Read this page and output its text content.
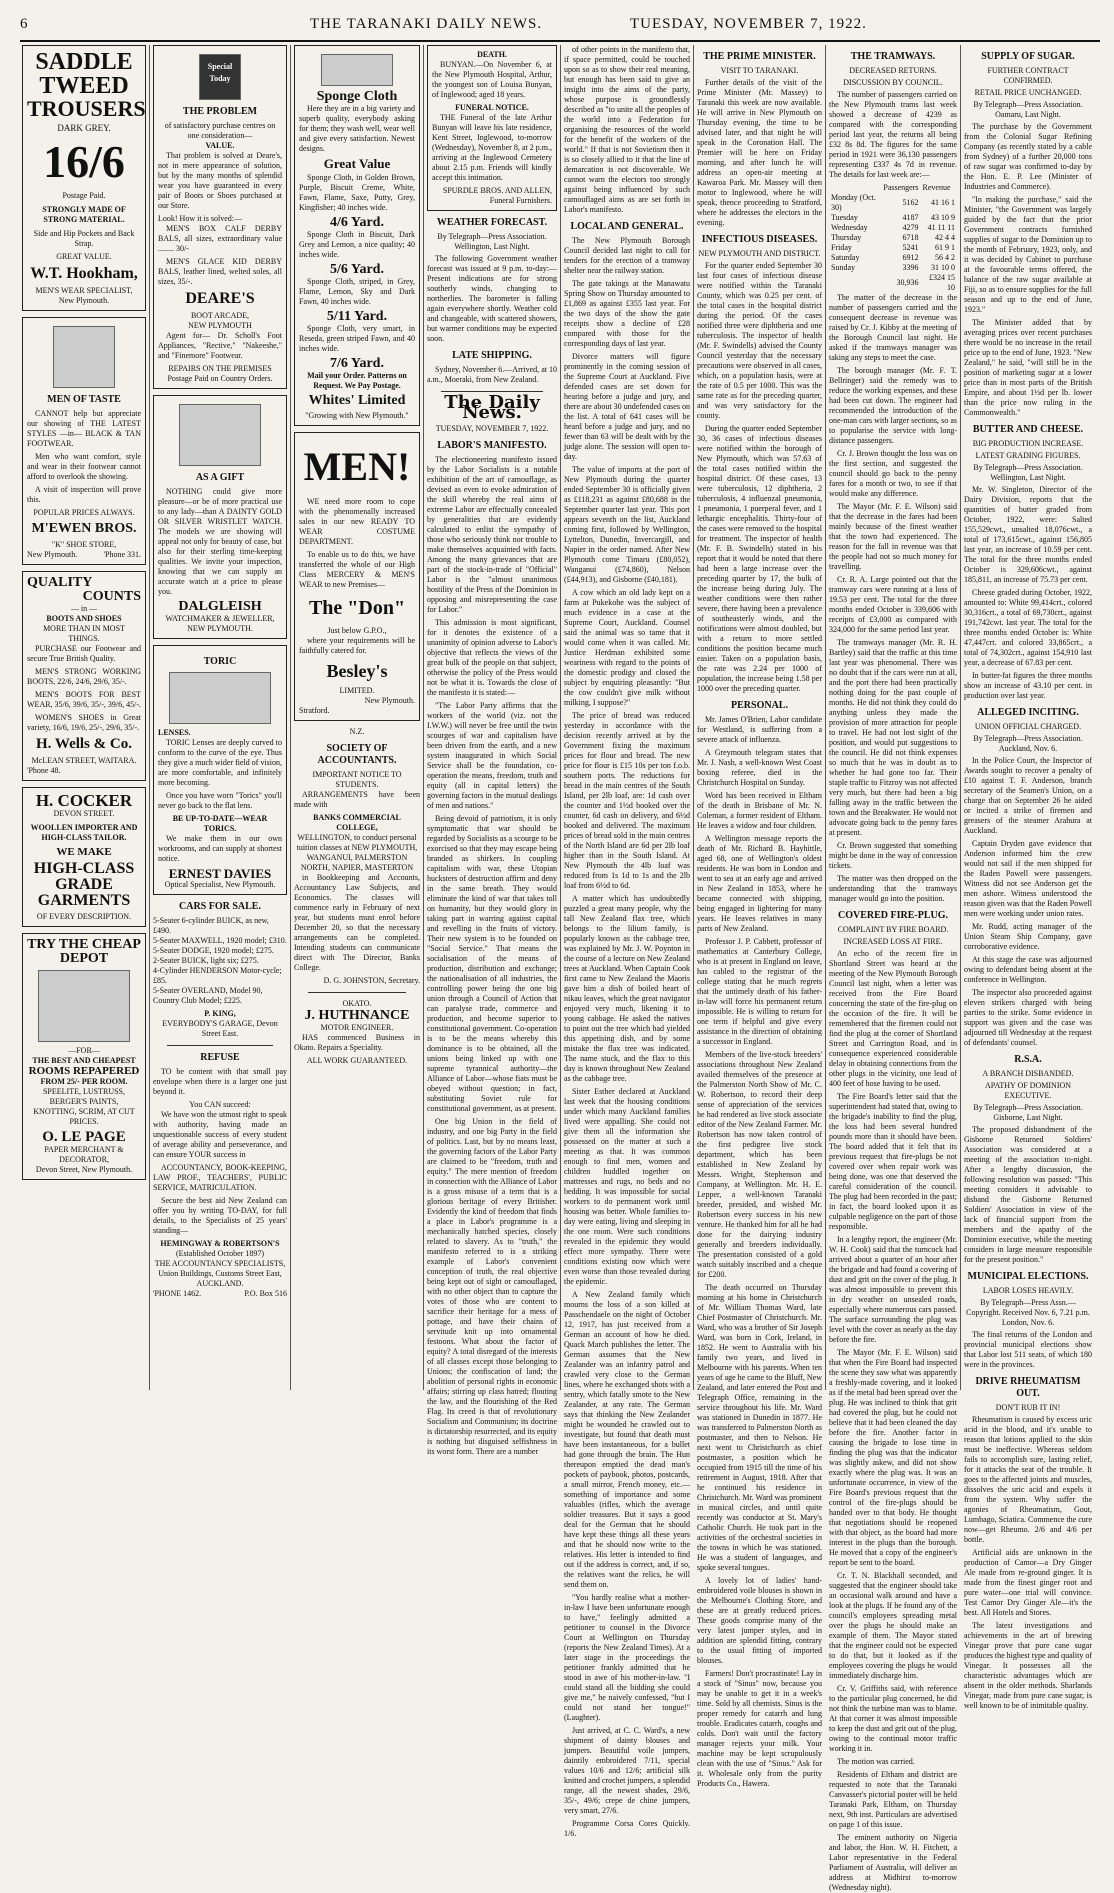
6	THE TARANAKI DAILY NEWS.	TUESDAY, NOVEMBER 7, 1922.
SADDLE
TWEED
TROUSERS
DARK GREY.
16/6
Postage Paid.
STRONGLY MADE OF STRONG MATERIAL.
Side and Hip Pockets and Back Strap.
GREAT VALUE.
W.T. Hookham,
MEN'S WEAR SPECIALIST,
New Plymouth.
MEN OF TASTE

CANNOT help but appreciate our showing of THE LATEST STYLES —in— BLACK & TAN FOOTWEAR.

Men who want comfort, style and wear in their footwear cannot afford to overlook the showing.

A visit of inspection will prove this.

POPULAR PRICES ALWAYS.
M'EWEN BROS.
"K" SHOE STORE,
New Plymouth.	'Phone 331.
QUALITY
COUNTS
— in —
BOOTS AND SHOES
MORE THAN IN MOST THINGS.

PURCHASE our Footwear and secure True British Quality.

MEN'S STRONG WORKING BOOTS, 22/6, 24/6, 29/6, 35/-.

MEN'S BOOTS FOR BEST WEAR, 35/6, 39/6, 35/-, 39/6, 45/-.

WOMEN'S SHOES in Great variety, 16/6, 19/6, 25/-, 29/6, 35/-.

H. Wells & Co.
McLEAN STREET, WAITARA.
'Phone 48.
H. COCKER
DEVON STREET.
WOOLLEN IMPORTER AND HIGH-CLASS TAILOR.
WE MAKE
HIGH-CLASS
GRADE
GARMENTS
OF EVERY DESCRIPTION.
TRY THE CHEAP
DEPOT
—FOR—
THE BEST AND CHEAPEST
ROOMS REPAPERED
FROM 25/- PER ROOM.
SPEELITE, LUSTRUSS, BERGER'S PAINTS, KNOTTING, SCRIM, AT CUT PRICES.
O. LE PAGE
PAPER MERCHANT & DECORATOR,
Devon Street, New Plymouth.
Special Today
THE PROBLEM
of satisfactory purchase centres on one consideration—
VALUE.

That problem is solved at Deare's, not in mere appearance of solution, but by the many months of splendid wear you have guaranteed in every pair of Boots or Shoes purchased at our Store.

Look! How it is solved:—

MEN'S BOX CALF DERBY BALS, all sizes, extraordinary value ........ 30/-

MEN'S GLACE KID DERBY BALS, leather lined, welted soles, all sizes, 35/-.

DEARE'S
BOOT ARCADE,
NEW PLYMOUTH

Agent for— Dr. Scholl's Foot Appliances, "Rective," "Nakeeshe," and "Finemore" Footwear.

REPAIRS ON THE PREMISES
Postage Paid on Country Orders.
AS A GIFT

NOTHING could give more pleasure—or be of more practical use to any lady—than A DAINTY GOLD OR SILVER WRISTLET WATCH. The models we are showing will appeal not only for beauty of case, but also for their sterling time-keeping qualities. We invite your inspection, knowing that we can supply an accurate watch at a price to please you.

DALGLEISH
WATCHMAKER & JEWELLER, NEW PLYMOUTH.
TORIC
LENSES.

TORIC Lenses are deeply curved to conform to the curve of the eye. Thus they give a much wider field of vision, are more comfortable, and infinitely more becoming.

Once you have worn "Torics" you'll never go back to the flat lens.

BE UP-TO-DATE—WEAR TORICS.

We make them in our own workrooms, and can supply at shortest notice.

ERNEST DAVIES
Optical Specialist, New Plymouth.
CARS FOR SALE.
5-Seater 6-cylinder BUICK, as new, £490.
5-Seater MAXWELL, 1920 model; £310.
5-Seater DODGE, 1920 model; £275.
2-Seater BUICK, light six; £275.
4-Cylinder HENDERSON Motor-cycle; £85.
5-Seater OVERLAND, Model 90, Country Club Model; £225.
P. KING,
EVERYBODY'S GARAGE, Devon Street East.
REFUSE

TO be content with that small pay envelope when there is a larger one just beyond it.

You CAN succeed:

We have won the utmost right to speak with authority, having made an unquestionable success of every student of average ability and perseverance, and can ensure YOUR success in

ACCOUNTANCY, BOOK-KEEPING, LAW PROF., TEACHERS', PUBLIC SERVICE, MATRICULATION.

Secure the best aid New Zealand can offer you by writing TO-DAY, for full details, to the Specialists of 25 years' standing—

HEMINGWAY & ROBERTSON'S
(Established October 1897)
THE ACCOUNTANCY SPECIALISTS, Union Buildings, Customs Street East, AUCKLAND.
'PHONE 1462.	P.O. Box 516
Sponge Cloth

Here they are in a big variety and superb quality, everybody asking for them; they wash well, wear well and give every satisfaction. Newest designs.

Great Value

Sponge Cloth, in Golden Brown, Purple, Biscuit Creme, White, Fawn, Flame, Saxe, Putty, Grey, Kingfisher; 40 inches wide.

4/6 Yard.

Sponge Cloth in Biscuit, Dark Grey and Lemon, a nice quality; 40 inches wide.

5/6 Yard.

Sponge Cloth, striped, in Grey, Flame, Lemon, Sky and Dark Fawn, 40 inches wide.

5/11 Yard.

Sponge Cloth, very smart, in Reseda, green striped Fawn, and 40 inches wide.

7/6 Yard.
Mail your Order. Patterns on Request. We Pay Postage.
Whites' Limited
"Growing with New Plymouth."
MEN!

WE need more room to cope with the phenomenally increased sales in our new READY TO WEAR COSTUME DEPARTMENT.

To enable us to do this, we have transferred the whole of our High Class MERCERY & MEN'S WEAR to new Premises—

The "Don"
Just below G.P.O.,

where your requirements will be faithfully catered for.

Besley's
LIMITED.
New Plymouth.
Stratford.
N.Z.
SOCIETY OF ACCOUNTANTS.
IMPORTANT NOTICE TO STUDENTS.

ARRANGEMENTS have been made with

BANKS COMMERCIAL COLLEGE,
WELLINGTON, to conduct personal tuition classes at NEW PLYMOUTH, WANGANUI, PALMERSTON NORTH, NAPIER, MASTERTON

in Bookkeeping and Accounts, Accountancy Law Subjects, and Economics. The classes will commence early in February of next year, but students must enrol before December 20, so that the necessary arrangements can be completed. Intending students can communicate direct with The Director, Banks College.

D. G. JOHNSTON, Secretary.
OKATO.
J. HUTHNANCE
MOTOR ENGINEER.

HAS commenced Business in Okato. Repairs a Speciality.

ALL WORK GUARANTEED.
DEATH.

BUNYAN.—On November 6, at the New Plymouth Hospital, Arthur, the youngest son of Louisa Bunyan, of Inglewood; aged 18 years.

FUNERAL NOTICE.

THE Funeral of the late Arthur Bunyan will leave his late residence, Kent Street, Inglewood, to-morrow (Wednesday), November 8, at 2 p.m., arriving at the Inglewood Cemetery about 2.15 p.m. Friends will kindly accept this intimation.

SPURDLE BROS. AND ALLEN, Funeral Furnishers.
WEATHER FORECAST.
By Telegraph—Press Association. Wellington, Last Night.

The following Government weather forecast was issued at 9 p.m. to-day:—Present indications are for strong southerly winds, changing to northerlies. The barometer is falling again everywhere shortly. Weather cold and changeable, with scattered showers, but warmer conditions may be expected soon.

LATE SHIPPING.

Sydney, November 6.—Arrived, at 10 a.m., Moeraki, from New Zealand.

The Daily News.
TUESDAY, NOVEMBER 7, 1922.
LABOR'S MANIFESTO.

The electioneering manifesto issued by the Labor Socialists is a notable exhibition of the art of camouflage, as devised as even to evoke admiration of the skill whereby the real aims of extreme Labor are effectually concealed by generalities that are evidently calculated to enlist the sympathy of those who seriously think nor trouble to make themselves acquainted with facts. Among the many grievances that are part of the stock-in-trade of "Official" Labor is the "almost unanimous hostility of the Press of the Dominion in opposing and misrepresenting the case for Labor."

This admission is most significant, for it denotes the existence of a unanimity of opinion adverse to Labor's objective that reflects the views of the great bulk of the people on that subject, otherwise the policy of the Press would not be what it is. Towards the close of the manifesto it is stated:—

"The Labor Party affirms that the workers of the world (viz. not the I.W.W.) will never be free until the twin scourges of war and capitalism have been driven from the earth, and a new system inaugurated in which Social Service shall be the foundation, co-operation the means, freedom, truth and equity (all in capital letters) the governing factors in the mutual dealings of men and nations."

Being devoid of patriotism, it is only symptomatic that war should be regarded by Socialists as a scourge to be exorcised so that they may escape being branded as shirkers. In coupling capitalism with war, these Utopian hucksters of destruction affirm and deny in the same breath. They would eliminate the kind of war that takes toll on humanity, but they would glory in taking part in warring against capital and revelling in the fruits of victory. Their new system is to be founded on "Social Service." That means the socialisation of the means of production, distribution and exchange; the nationalisation of all industries, the controlling power being the one big union through a Council of Action that can paralyse trade, commerce and production, and become superior to constitutional government. Co-operation is to be the means whereby this dominance is to be obtained, all the unions being linked up with one supreme tyrannical authority—the Alliance of Labor—whose fiats must be obeyed without question; in fact, substituting Soviet rule for constitutional government, as at present.

One big Union in the field of industry, and one big Party in the field of politics. Last, but by no means least, the governing factors of the Labor Party are claimed to be "freedom, truth and equity." The mere mention of freedom in connection with the Alliance of Labor is a gross misuse of a term that is a glorious heritage of every Britisher. Evidently the kind of freedom that finds a place in Labor's programme is a mechanically hatched species, closely related to slavery. As to "truth," the manifesto referred to is a striking example of Labor's convenient conception of truth, the real objective being kept out of sight or camouflaged, with no other object than to capture the votes of those who are content to sacrifice their heritage for a mess of pottage, and have their chains of servitude knit up into ornamental festoons. What about the factor of equity? A total disregard of the interests of all classes except those belonging to Unions; the confiscation of land; the abolition of personal rights in economic affairs; stirring up class hatred; flouting the law, and the flourishing of the Red Flag. Its creed is that of revolutionary Socialism and Communism; its doctrine is dictatorship resurrected, and its equity is nothing but disguised selfishness in its worst form. There are a number

of other points in the manifesto that, if space permitted, could be touched upon so as to show their real meaning, but enough has been said to give an insight into the aims of the party, whose purpose is groundlessly described as "to unite all the peoples of the world into a Federation for organising the resources of the world for the benefit of the workers of the world." If that is not Sovietism then it is so closely allied to it that the line of demarcation is not discoverable. We cannot warn the electors too strongly against being influenced by such camouflaged aims as are set forth in Labor's manifesto.

LOCAL AND GENERAL.

The New Plymouth Borough Council decided last night to call for tenders for the erection of a tramway shelter near the railway station.

The gate takings at the Manawatu Spring Show on Thursday amounted to £1,869 as against £355 last year. For the two days of the show the gate receipts show a decline of £28 compared with those for the corresponding days of last year.

Divorce matters will figure prominently in the coming session of the Supreme Court at Auckland. Five defended cases are set down for hearing before a judge and jury, and there are about 30 undefended cases on the list. A total of 641 cases will be heard before a judge and jury, and no fewer than 63 will be dealt with by the judge alone. The session will open to-day.

The value of imports at the port of New Plymouth during the quarter ended September 30 is officially given as £118,231 as against £80,688 in the September quarter last year. This port appears seventh on the list, Auckland coming first, followed by Wellington, Lyttelton, Dunedin, Invercargill, and Napier in the order named. After New Plymouth come Timaru (£80,052), Wanganui (£74,860), Nelson (£44,913), and Gisborne (£40,181).

A cow which an old lady kept on a farm at Pukekohe was the subject of much evidence in a case at the Supreme Court, Auckland. Counsel said the animal was so tame that it would come when it was called. Mr. Justice Herdman exhibited some weariness with regard to the points of the domestic prodigy and closed the subject by enquiring pleasantly: "But the cow couldn't give milk without milking, I suppose?"

The price of bread was reduced yesterday in accordance with the decision recently arrived at by the Government fixing the maximum prices for flour and bread. The new price for flour is £15 10s per ton f.o.b. southern ports. The reductions for bread in the main centres of the South Island, per 2lb loaf, are: 1d cash over the counter and 1½d booked over the counter, 6d cash on delivery, and 6½d booked and delivered. The maximum prices of bread sold in the main centres of the North Island are 6d per 2lb loaf higher than in the South Island. At New Plymouth the 4lb loaf was reduced from 1s 1d to 1s and the 2lb loaf from 6½d to 6d.

A matter which has undoubtedly puzzled a great many people, why the tall New Zealand flax tree, which belongs to the lilium family, is popularly known as the cabbage tree, was explained by Mr. J. W. Poynton in the course of a lecture on New Zealand trees at Auckland. When Captain Cook first came to New Zealand the Maoris gave him a dish of boiled heart of nikau leaves, which the great navigator enjoyed very much, likening it to young cabbage. He asked the natives to point out the tree which had yielded this appetising dish, and by some mistake the flax tree was indicated. The name stuck, and the flax to this day is known throughout New Zealand as the cabbage tree.

Sister Esther declared at Auckland last week that the housing conditions under which many Auckland families lived were appalling. She could not give them all the information she possessed on the matter at such a meeting as that. It was common enough to find men, women and children huddled together on mattresses and rugs, no beds and no bedding. It was impossible for social workers to do permanent work until housing was better. Whole families to-day were eating, living and sleeping in the one room. Were such conditions revealed in the epidemic they would effect more sympathy. There were conditions existing now which were even worse than those revealed during the epidemic.

A New Zealand family which mourns the loss of a son killed at Passchendaele on the night of October 12, 1917, has just received from a German an account of how he died. Quack March publishes the letter. The German assumes that the New Zealander was an infantry patrol and crawled very close to the German lines, where he exchanged shots with a sentry, which fatally smote to the New Zealander, at any rate. The German says that thinking the New Zealander might be wounded he crawled out to investigate, but found that death must have been instantaneous, for a bullet had gone through the brain. The Hun thereupon emptied the dead man's pockets of paybook, photos, postcards, a small mirror, French money, etc.—something of importance and some valuables (rifles, which the average soldier treasures. But it says a good deal for the German that he should have kept these things all these years and that he should now write to the relatives. His letter is intended to find out if the address is correct, and, if so, the relatives want the relics, he will send them on.

"You hardly realise what a mother-in-law I have been unfortunate enough to have," feelingly admitted a petitioner to counsel in the Divorce Court at Wellington on Thursday (reports the New Zealand Times). At a later stage in the proceedings the petitioner frankly admitted that he stood in awe of his mother-in-law. "I could stand all the bidding she could give me," he naively confessed, "but I could not stand her tongue!" (Laughter).

Just arrived, at C. C. Ward's, a new shipment of dainty blouses and jumpers. Beautiful voile jumpers, daintily embroidered 7/11, special values 10/6 and 12/6; artificial silk knitted and crochet jumpers, a splendid range, all the newest shades, 29/6, 35/-, 49/6; crepe de chine jumpers, very smart, 27/6.

Programme Corsa Cores Quickly. 1/6.

THE PRIME MINISTER.
VISIT TO TARANAKI.

Further details of the visit of the Prime Minister (Mr. Massey) to Taranaki this week are now available. He will arrive in New Plymouth on Thursday evening, the time to be advised later, and that night he will speak in the Coronation Hall. The Premier will be here on Friday morning, and after lunch he will address an open-air meeting at Kawaroa Park. Mr. Massey will then motor to Inglewood, where he will speak, thence proceeding to Stratford, where he addresses the electors in the evening.

INFECTIOUS DISEASES.
NEW PLYMOUTH AND DISTRICT.

For the quarter ended September 30 last four cases of infectious disease were notified within the Taranaki County, which was 0.25 per cent. of the total cases in the hospital district during the period. Of the cases notified three were diphtheria and one tuberculosis. The inspector of health (Mr. F. Swindells) advised the County Council yesterday that the necessary precautions were observed in all cases, which, on a population basis, were at the rate of 0.5 per 1000. This was the same rate as for the preceding quarter, and was very satisfactory for the county.

During the quarter ended September 30, 36 cases of infectious diseases were notified within the borough of New Plymouth, which was 57.63 of the total cases notified within the hospital district. Of these cases, 13 were tuberculosis, 12 diphtheria, 2 tuberculosis, 4 influenzal pneumonia, 1 pneumonia, 1 puerperal fever, and 1 lethargic encephalitis. Thirty-four of the cases were removed to the hospital for treatment. The inspector of health (Mr. F. B. Swindells) stated in his report that it would be noted that there had been a large increase over the preceding quarter by 17, the bulk of the increase being during July. The weather conditions were then rather severe, there having been a prevalence of southeasterly winds, and the notifications were almost doubled, but with a return to more settled conditions the position became much easier. Taken on a population basis, the rate was 2.24 per 1000 of population, the increase being 1.58 per 1000 over the preceding quarter.

PERSONAL.

Mr. James O'Brien, Labor candidate for Westland, is suffering from a severe attack of influenza.

A Greymouth telegram states that Mr. J. Nash, a well-known West Coast boxing referee, died in the Christchurch Hospital on Sunday.

Word has been received in Eltham of the death in Brisbane of Mr. N. Coleman, a former resident of Eltham. He leaves a widow and four children.

A Wellington message reports the death of Mr. Richard B. Hayhittle, aged 68, one of Wellington's oldest residents. He was born in London and went to sea at an early age and arrived in New Zealand in 1853, where he became connected with shipping, being engaged in lightering for many years. He leaves relatives in many parts of New Zealand.

Professor J. P. Cabbett, professor of mathematics at Canterbury College, who is at present in England on leave, has cabled to the registrar of the college stating that he much regrets that the untimely death of his father-in-law will force his permanent return impossible. He is willing to return for one term if helpful and give every assistance in the direction of obtaining a successor in England.

Members of the live-stock breeders' associations throughout New Zealand availed themselves of the presence at the Palmerston North Show of Mr. C. W. Robertson, to record their deep sense of appreciation of the services he had rendered as live stock associate editor of the New Zealand Farmer. Mr. Robertson has now taken control of the first pedigree live stock department, which has been established in New Zealand by Messrs. Wright, Stephenson and Company, at Wellington. Mr. H. E. Lepper, a well-known Taranaki breeder, presided, and wished Mr. Robertson every success in his new venture. He thanked him for all he had done for the dairying industry generally and breeders individually. The presentation consisted of a gold watch suitably inscribed and a cheque for £200.

The death occurred on Thursday morning at his home in Christchurch of Mr. William Thomas Ward, late Chief Postmaster of Christchurch. Mr. Ward, who was a brother of Sir Joseph Ward, was born in Cork, Ireland, in 1852. He went to Australia with his family two years, and lived in Melbourne with his parents. When ten years of age he came to the Bluff, New Zealand, and later entered the Post and Telegraph Office, remaining in the service throughout his life. Mr. Ward was stationed in Dunedin in 1877. He was transferred to Palmerston North as postmaster, and then to Nelson. He next went to Christchurch as chief postmaster, a position which he occupied from 1915 till the time of his retirement in August, 1918. After that he continued his residence in Christchurch. Mr. Ward was prominent in musical circles, and until quite recently was conductor at St. Mary's Catholic Church. He took part in the activities of the orchestral societies in the towns in which he was stationed. He was a student of languages, and spoke several tongues.

A lovely lot of ladies' hand-embroidered voile blouses is shown in the Melbourne's Clothing Store, and these are at greatly reduced prices. These goods comprise many of the very latest jumper styles, and in addition are splendid fitting, contrary to the usual fitting of imported blouses.

Farmers! Don't procrastinate! Lay in a stock of "Sinus" now, because you may be unable to get it in a week's time. Sold by all chemists. Sinus is the proper remedy for catarrh and lung trouble. Eradicates catarrh, coughs and colds. Don't wait until the factory manager rejects your milk. Your machine may be kept scrupulously clean with the use of "Sinus." Ask for it. Wholesale only from the purity Products Co., Hawera.

THE TRAMWAYS.
DECREASED RETURNS.
DISCUSSION BY COUNCIL.

The number of passengers carried on the New Plymouth trams last week showed a decrease of 4239 as compared with the corresponding period last year, the returns all being £32 8s 8d. The figures for the same period in 1921 were 36,130 passengers representing £337 4s 7d in revenue. The details for last week are:—

	Passengers	Revenue
Monday (Oct. 30)	5162	41 16 1
Tuesday	4187	43 10 9
Wednesday	4279	41 11 11
Thursday	6718	42 4 4
Friday	5241	61 9 1
Saturday	6912	56 4 2
Sunday	3396	31 10 0
	30,936	£324 15 10

The matter of the decrease in the number of passengers carried and the consequent decrease in revenue was raised by Cr. J. Kibby at the meeting of the Borough Council last night. He asked if the tramways manager was taking any steps to meet the case.

The borough manager (Mr. F. T. Bellringer) said the remedy was to reduce the working expenses, and these had been cut down. The engineer had recommended the introduction of the one-man cars with larger sections, so as to popularise the service with long-distance passengers.

Cr. J. Brown thought the loss was on the first section, and suggested the council should go back to the penny fares for a month or two, to see if that would make any difference.

The Mayor (Mr. F. E. Wilson) said that the decrease in the fares had been mainly because of the finest weather that the town had experienced. The reason for the fall in revenue was that the people had not so much money for travelling.

Cr. R. A. Large pointed out that the tramway cars were running at a loss of 19.53 per cent. The total for the three months ended October is 339,606 with receipts of £3,000 as compared with 324,000 for the same period last year.

The tramways manager (Mr. R. H. Bartley) said that the traffic at this time last year was phenomenal. There was no doubt that if the cars were run at all, and the port there had been practically nothing doing for the past couple of months. He did not think they could do anything unless they made the provision of more attraction for people to travel. He had not lost sight of the position, and would put suggestions to the council. He did not think expenses so much that he was in doubt as to whether he had gone too far. Their staple traffic to Fitzroy was not affected very much, but there had been a big falling away in the traffic between the town and the Breakwater. He would not advocate going back to the penny fares at present.

Cr. Brown suggested that something might be done in the way of concession tickets.

The matter was then dropped on the understanding that the tramways manager would go into the position.

COVERED FIRE-PLUG.
COMPLAINT BY FIRE BOARD.
INCREASED LOSS AT FIRE.

An echo of the recent fire in Shortland Street was heard at the meeting of the New Plymouth Borough Council last night, when a letter was received from the Fire Board concerning the state of the fire-plug on the occasion of the fire. It will be remembered that the firemen could not find the plug at the corner of Shortland Street and Carrington Road, and in consequence experienced considerable delay in obtaining connections from the other plugs in the vicinity, one lead of 400 feet of hose having to be used.

The Fire Board's letter said that the superintendent had stated that, owing to the brigade's inability to find the plug, the loss had been several hundred pounds more than it should have been. The board added that it felt that its previous request that fire-plugs be not covered over when repair work was being done, was one that deserved the careful consideration of the council. The plug had been recorded in the past; in fact, the board looked upon it as culpable negligence on the part of those responsible.

In a lengthy report, the engineer (Mr. W. H. Cook) said that the turncock had arrived about a quarter of an hour after the brigade and had found a covering of dust and grit on the cover of the plug. It was almost impossible to prevent this in dry weather on unsealed roads, especially where numerous cars passed. The surface surrounding the plug was level with the cover as nearly as the day before the fire.

The Mayor (Mr. F. E. Wilson) said that when the Fire Board had inspected the scene they saw what was apparently a freshly-made covering, and it looked as if the metal had been spread over the plug. He was inclined to think that grit had covered the plug, but he could not believe that it had been cleaned the day before the fire. Another factor in causing the brigade to lose time in finding the plug was that the indicator was slightly askew, and did not show exactly where the plug was. It was an unfortunate occurrence, in view of the Fire Board's previous request that the control of the fire-plugs should be handed over to that body. He thought that negotiations should be reopened with that object, as the board had more interest in the plugs than the borough. He moved that a copy of the engineer's report be sent to the board.

Cr. T. N. Blackhall seconded, and suggested that the engineer should take an occasional walk around and have a look at the plugs. If he found any of the council's employees spreading metal over the plugs he should make an example of them. The Mayor stated that the engineer could not be expected to do that, but it looked as if the employees covering the plugs he would immediately discharge him.

Cr. V. Griffiths said, with reference to the particular plug concerned, he did not think the turbine man was to blame. At that corner it was almost impossible to keep the dust and grit out of the plug, owing to the continual motor traffic working it in.

The motion was carried.

Residents of Eltham and district are requested to note that the Taranaki Canvasser's pictorial poster will be held Taranaki Park, Eltham, on Thursday next, 9th inst. Particulars are advertised on page 1 of this issue.

The eminent authority on Nigeria and labor, the Hon. W. H. Fitchett, a Labor representative in the Federal Parliament of Australia, will deliver an address at Midhirst to-morrow (Wednesday night).

SUPPLY OF SUGAR.
FURTHER CONTRACT CONFIRMED.
RETAIL PRICE UNCHANGED.
By Telegraph—Press Association. Oamaru, Last Night.

The purchase by the Government from the Colonial Sugar Refining Company (as recently stated by a cable from Sydney) of a further 20,000 tons of raw sugar was confirmed to-day by the Hon. E. P. Lee (Minister of Industries and Commerce).

"In making the purchase," said the Minister, "the Government was largely guided by the fact that the prior Government contracts furnished supplies of sugar to the Dominion up to the month of February, 1923, only, and it was decided by Cabinet to purchase at the favourable terms offered, the balance of the raw sugar available at Fiji, so as to ensure supplies for the full season and up to the end of June, 1923."

The Minister added that by averaging prices over recent purchases there would be no increase in the retail price up to the end of June, 1923. "New Zealand," he said, "will still be in the position of marketing sugar at a lower price than in most parts of the British Empire, and about 1½d per lb. lower than the price now ruling in the Commonwealth."

BUTTER AND CHEESE.
BIG PRODUCTION INCREASE.
LATEST GRADING FIGURES.
By Telegraph—Press Association. Wellington, Last Night.

Mr. W. Singleton, Director of the Dairy Division, reports that the quantities of butter graded from October, 1922, were: Salted 155,529cwt., unsalted 18,076cwt., a total of 173,615cwt., against 156,805 last year, an increase of 10.59 per cent. The total for the three months ended October is 329,606cwt., against 185,811, an increase of 75.73 per cent.

Cheese graded during October, 1922, amounted to: White 99,414crt., colored 30,316crt., a total of 69,730crt., against 191,742cwt. last year. The total for the three months ended October is: White 47,447crt. and colored 33,865crt., a total of 74,302crt., against 154,910 last year, a decrease of 67.83 per cent.

In butter-fat figures the three months show an increase of 43.10 per cent. in production over last year.

ALLEGED INCITING.
UNION OFFICIAL CHARGED.
By Telegraph—Press Association. Auckland, Nov. 6.

In the Police Court, the Inspector of Awards sought to recover a penalty of £10 against T. F. Anderson, branch secretary of the Seamen's Union, on a charge that on September 26 he aided or incited a strike of firemen and greasers of the steamer Arahura at Auckland.

Captain Dryden gave evidence that Anderson informed him the crew would not sail if the men shipped for the Raden Powell were passengers. Witness did not see Anderson get the men ashore. Witness understood the reason given was that the Raden Powell men were working under union rates.

Mr. Rudd, acting manager of the Union Steam Ship Company, gave corroborative evidence.

At this stage the case was adjourned owing to defendant being absent at the conference in Wellington.

The inspector also proceeded against eleven strikers charged with being parties to the strike. Some evidence in support was given and the case was adjourned till Wednesday at the request of defendants' counsel.

R.S.A.
A BRANCH DISBANDED.
APATHY OF DOMINION EXECUTIVE.
By Telegraph—Press Association. Gisborne, Last Night.

The proposed disbandment of the Gisborne Returned Soldiers' Association was considered at a meeting of the association to-night. After a lengthy discussion, the following resolution was passed: "This meeting considers it advisable to disband the Gisborne Returned Soldiers' Association in view of the lack of financial support from the members and the apathy of the Dominion executive, while the meeting considers in large measure responsible for the present position."

MUNICIPAL ELECTIONS.
LABOR LOSES HEAVILY.
By Telegraph—Press Assn.—Copyright. Received Nov. 6, 7.21 p.m. London, Nov. 6.

The final returns of the London and provincial municipal elections show that Labor lost 511 seats, of which 180 were in the provinces.

DRIVE RHEUMATISM OUT.
DON'T RUB IT IN!

Rheumatism is caused by excess uric acid in the blood, and it's unable to reason that lotions applied to the skin must be ineffective. Whereas seldom fails to accomplish sure, lasting relief, for it attacks the seat of the trouble. It goes to the affected joints and muscles, dissolves the uric acid and expels it from the system. Why suffer the agonies of Rheumatism, Gout, Lumbago, Sciatica. Commence the cure now—get Rheumo. 2/6 and 4/6 per bottle.

Artificial aids are unknown in the production of Camor—a Dry Ginger Ale made from re-ground ginger. It is made from the finest ginger root and pure water—one trial will convince. Test Camor Dry Ginger Ale—it's the best. All Hotels and Stores.

The latest investigations and achievements in the art of brewing Vinegar prove that pure cane sugar produces the highest type and quality of Vinegar. It possesses all the characteristic advantages which are absent in the older methods. Sharlands Vinegar, made from pure cane sugar, is well known to be of inimitable quality.
